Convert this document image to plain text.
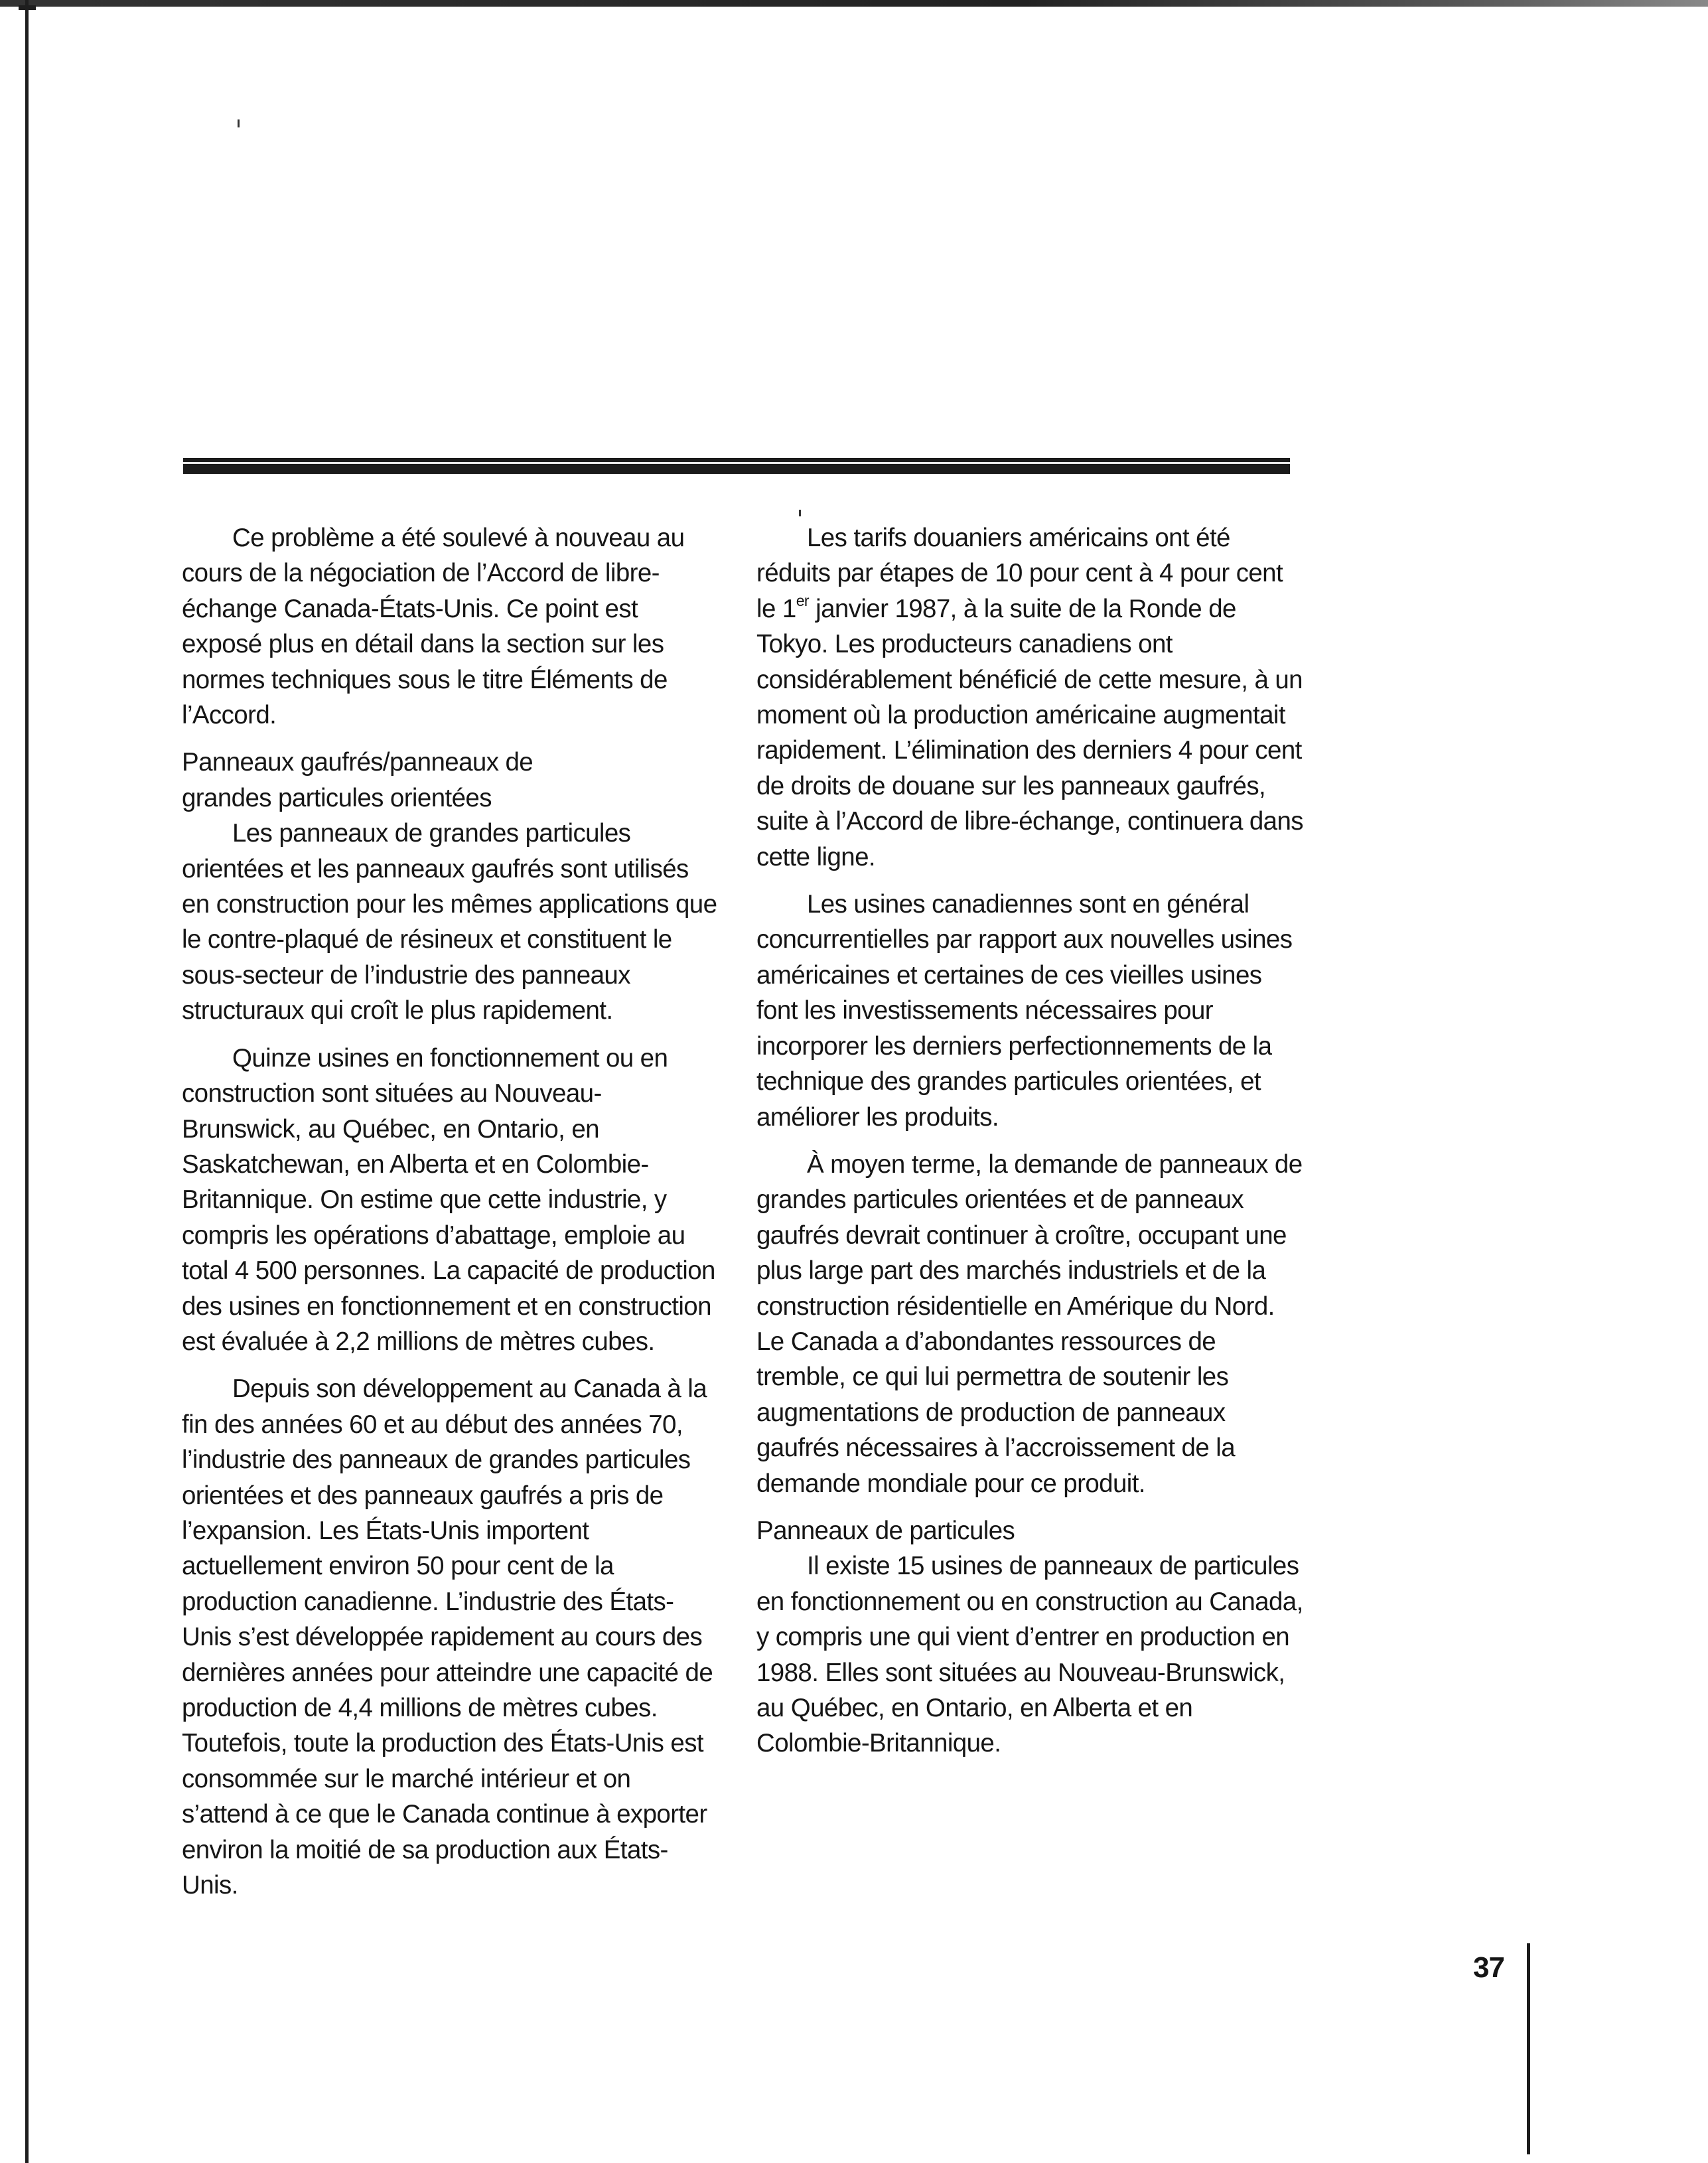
Ce problème a été soulevé à nouveau au cours de la négociation de l’Accord de libre-échange Canada-États-Unis. Ce point est exposé plus en détail dans la section sur les normes techniques sous le titre Éléments de l’Accord.

Panneaux gaufrés/panneaux de grandes particules orientées

Les panneaux de grandes particules orientées et les panneaux gaufrés sont utilisés en construction pour les mêmes applications que le contre-plaqué de résineux et constituent le sous-secteur de l’industrie des panneaux structuraux qui croît le plus rapidement.

Quinze usines en fonctionnement ou en construction sont situées au Nouveau-Brunswick, au Québec, en Ontario, en Saskatchewan, en Alberta et en Colombie-Britannique. On estime que cette industrie, y compris les opérations d’abattage, emploie au total 4 500 personnes. La capacité de production des usines en fonctionnement et en construction est évaluée à 2,2 millions de mètres cubes.

Depuis son développement au Canada à la fin des années 60 et au début des années 70, l’industrie des panneaux de grandes particules orientées et des panneaux gaufrés a pris de l’expansion. Les États-Unis importent actuellement environ 50 pour cent de la production canadienne. L’industrie des États-Unis s’est développée rapidement au cours des dernières années pour atteindre une capacité de production de 4,4 millions de mètres cubes. Toutefois, toute la production des États-Unis est consommée sur le marché intérieur et on s’attend à ce que le Canada continue à exporter environ la moitié de sa production aux États-Unis.

Les tarifs douaniers américains ont été réduits par étapes de 10 pour cent à 4 pour cent le 1er janvier 1987, à la suite de la Ronde de Tokyo. Les producteurs canadiens ont considérablement bénéficié de cette mesure, à un moment où la production américaine augmentait rapidement. L’élimination des derniers 4 pour cent de droits de douane sur les panneaux gaufrés, suite à l’Accord de libre-échange, continuera dans cette ligne.

Les usines canadiennes sont en général concurrentielles par rapport aux nouvelles usines américaines et certaines de ces vieilles usines font les investissements nécessaires pour incorporer les derniers perfectionnements de la technique des grandes particules orientées, et améliorer les produits.

À moyen terme, la demande de panneaux de grandes particules orientées et de panneaux gaufrés devrait continuer à croître, occupant une plus large part des marchés industriels et de la construction résidentielle en Amérique du Nord. Le Canada a d’abondantes ressources de tremble, ce qui lui permettra de soutenir les augmentations de production de panneaux gaufrés nécessaires à l’accroissement de la demande mondiale pour ce produit.

Panneaux de particules

Il existe 15 usines de panneaux de particules en fonctionnement ou en construction au Canada, y compris une qui vient d’entrer en production en 1988. Elles sont situées au Nouveau-Brunswick, au Québec, en Ontario, en Alberta et en Colombie-Britannique.

37
